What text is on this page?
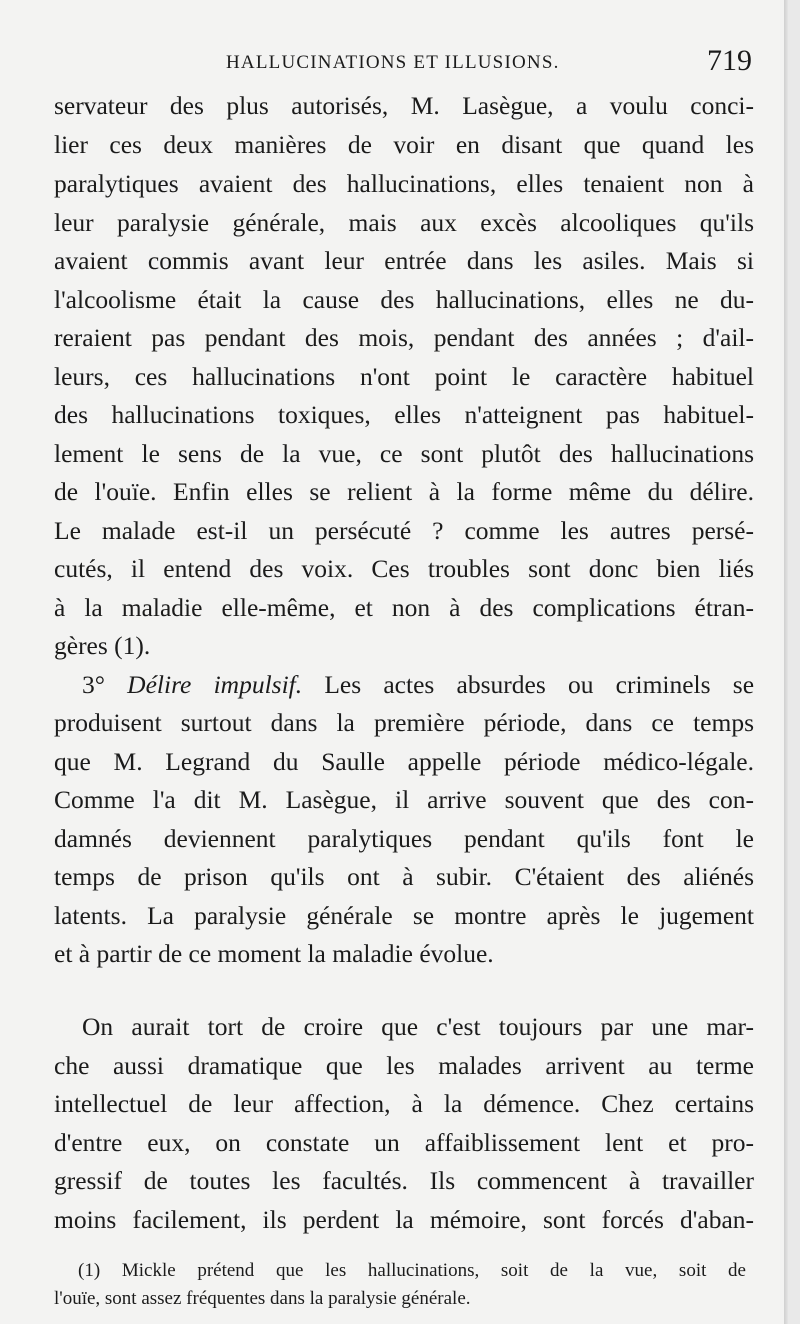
HALLUCINATIONS ET ILLUSIONS.	719
servateur des plus autorisés, M. Lasègue, a voulu conci-
lier ces deux manières de voir en disant que quand les
paralytiques avaient des hallucinations, elles tenaient non à
leur paralysie générale, mais aux excès alcooliques qu'ils
avaient commis avant leur entrée dans les asiles. Mais si
l'alcoolisme était la cause des hallucinations, elles ne du-
reraient pas pendant des mois, pendant des années ; d'ail-
leurs, ces hallucinations n'ont point le caractère habituel
des hallucinations toxiques, elles n'atteignent pas habituel-
lement le sens de la vue, ce sont plutôt des hallucinations
de l'ouïe. Enfin elles se relient à la forme même du délire.
Le malade est-il un persécuté ? comme les autres persé-
cutés, il entend des voix. Ces troubles sont donc bien liés
à la maladie elle-même, et non à des complications étran-
gères (1).
3° Délire impulsif. Les actes absurdes ou criminels se
produisent surtout dans la première période, dans ce temps
que M. Legrand du Saulle appelle période médico-légale.
Comme l'a dit M. Lasègue, il arrive souvent que des con-
damnés deviennent paralytiques pendant qu'ils font le
temps de prison qu'ils ont à subir. C'étaient des aliénés
latents. La paralysie générale se montre après le jugement
et à partir de ce moment la maladie évolue.
On aurait tort de croire que c'est toujours par une mar-
che aussi dramatique que les malades arrivent au terme
intellectuel de leur affection, à la démence. Chez certains
d'entre eux, on constate un affaiblissement lent et pro-
gressif de toutes les facultés. Ils commencent à travailler
moins facilement, ils perdent la mémoire, sont forcés d'aban-
(1) Mickle prétend que les hallucinations, soit de la vue, soit de
l'ouïe, sont assez fréquentes dans la paralysie générale.
